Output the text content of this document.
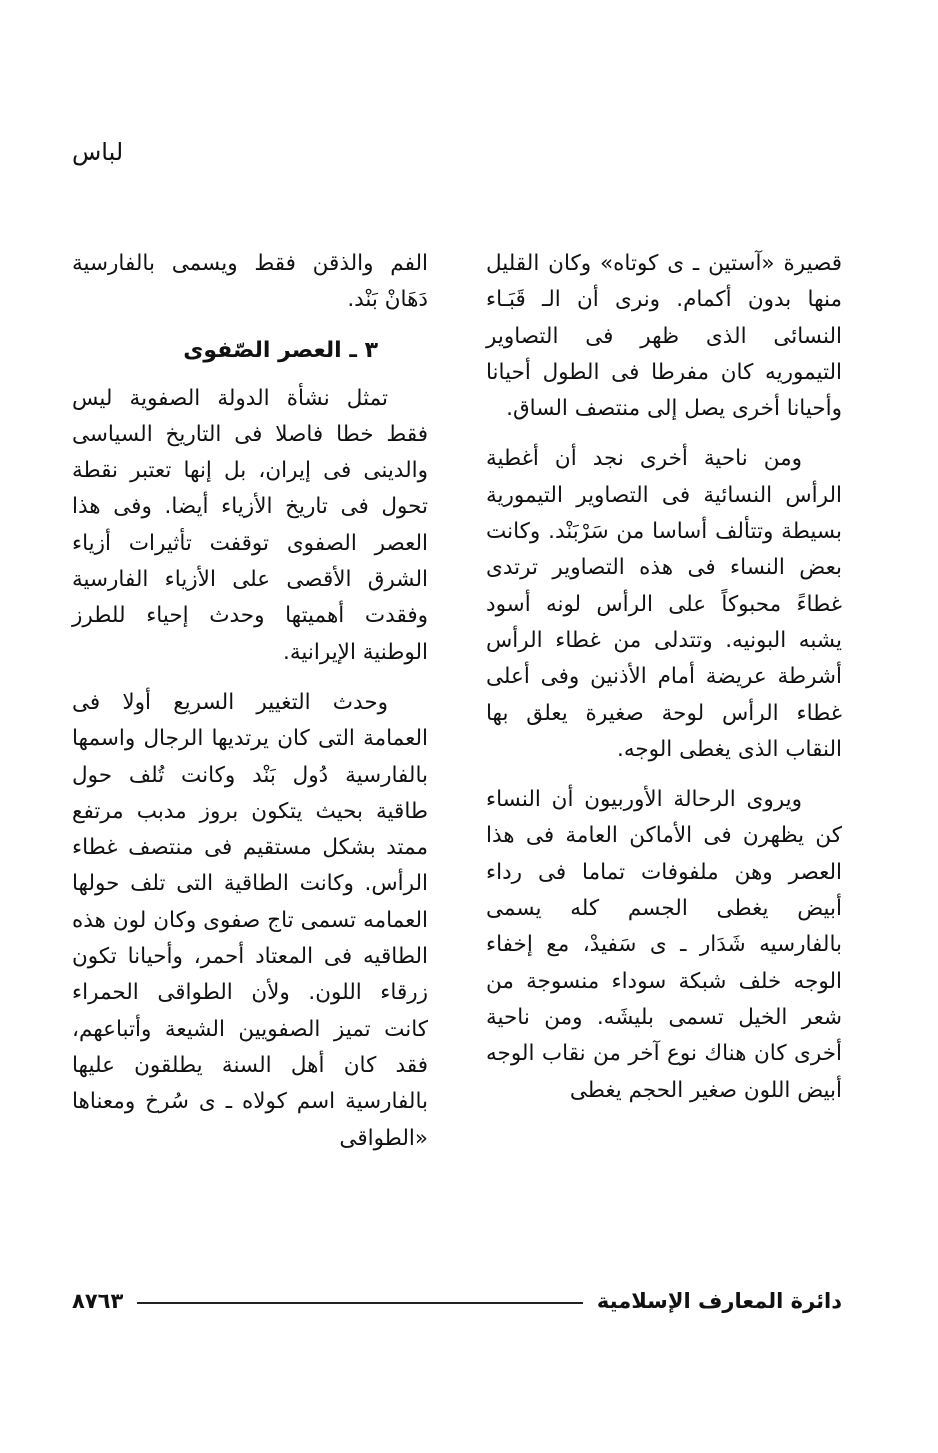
لباس

قصيرة «آستين ـ ى كوتاه» وكان القليل منها بدون أكمام. ونرى أن الـ قَبَـاء النسائى الذى ظهر فى التصاوير التيموريه كان مفرطا فى الطول أحيانا وأحيانا أخرى يصل إلى منتصف الساق.

ومن ناحية أخرى نجد أن أغطية الرأس النسائية فى التصاوير التيمورية بسيطة وتتألف أساسا من سَرْبَنْد. وكانت بعض النساء فى هذه التصاوير ترتدى غطاءً محبوكاً على الرأس لونه أسود يشبه البونيه. وتتدلى من غطاء الرأس أشرطة عريضة أمام الأذنين وفى أعلى غطاء الرأس لوحة صغيرة يعلق بها النقاب الذى يغطى الوجه.

ويروى الرحالة الأوربيون أن النساء كن يظهرن فى الأماكن العامة فى هذا العصر وهن ملفوفات تماما فى رداء أبيض يغطى الجسم كله يسمى بالفارسيه شَدَار ـ ى سَفيدْ، مع إخفاء الوجه خلف شبكة سوداء منسوجة من شعر الخيل تسمى بليشَه. ومن ناحية أخرى كان هناك نوع آخر من نقاب الوجه أبيض اللون صغير الحجم يغطى

الفم والذقن فقط ويسمى بالفارسية دَهَانْ بَنْد.

٣ ـ العصر الصّفوى

تمثل نشأة الدولة الصفوية ليس فقط خطا فاصلا فى التاريخ السياسى والدينى فى إيران، بل إنها تعتبر نقطة تحول فى تاريخ الأزياء أيضا. وفى هذا العصر الصفوى توقفت تأثيرات أزياء الشرق الأقصى على الأزياء الفارسية وفقدت أهميتها وحدث إحياء للطرز الوطنية الإيرانية.

وحدث التغيير السريع أولا فى العمامة التى كان يرتديها الرجال واسمها بالفارسية دُول بَنْد وكانت تُلف حول طاقية بحيث يتكون بروز مدبب مرتفع ممتد بشكل مستقيم فى منتصف غطاء الرأس. وكانت الطاقية التى تلف حولها العمامه تسمى تاج صفوى وكان لون هذه الطاقيه فى المعتاد أحمر، وأحيانا تكون زرقاء اللون. ولأن الطواقى الحمراء كانت تميز الصفويين الشيعة وأتباعهم، فقد كان أهل السنة يطلقون عليها بالفارسية اسم كولاه ـ ى سُرخ ومعناها «الطواقى

دائرة المعارف الإسلامية
٨٧٦٣
